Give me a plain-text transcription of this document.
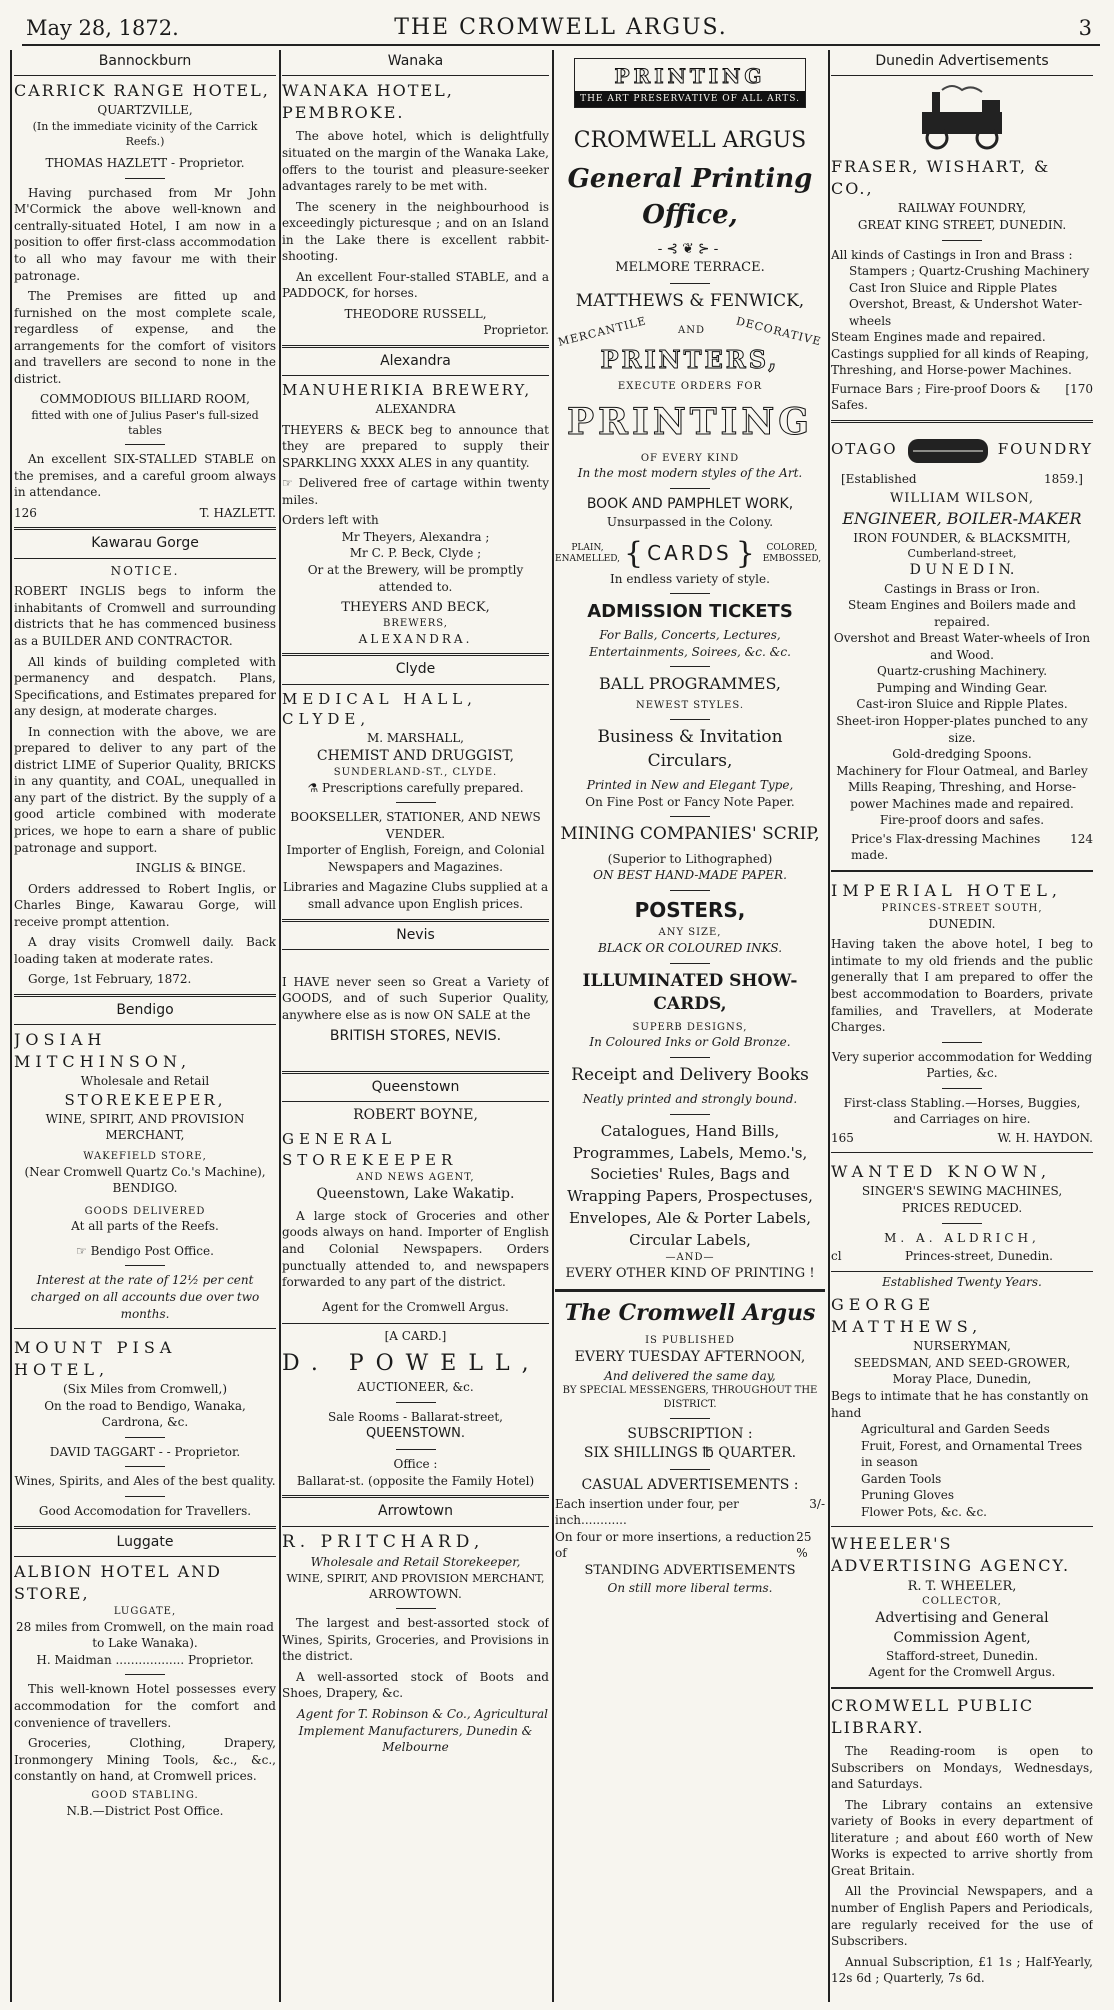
May 28, 1872.	THE CROMWELL ARGUS.	3
Bannockburn
CARRICK RANGE HOTEL,
QUARTZVILLE,
(In the immediate vicinity of the Carrick Reefs.)
THOMAS HAZLETT - Proprietor.

Having purchased from Mr John M'Cormick the above well-known and centrally-situated Hotel, I am now in a position to offer first-class accommodation to all who may favour me with their patronage.

The Premises are fitted up and furnished on the most complete scale, regardless of expense, and the arrangements for the comfort of visitors and travellers are second to none in the district.

COMMODIOUS BILLIARD ROOM,
fitted with one of Julius Paser's full-sized tables

An excellent SIX-STALLED STABLE on the premises, and a careful groom always in attendance.

126	T. HAZLETT.
Kawarau Gorge
NOTICE.

ROBERT INGLIS begs to inform the inhabitants of Cromwell and surrounding districts that he has commenced business as a BUILDER AND CONTRACTOR.

All kinds of building completed with permanency and despatch. Plans, Specifications, and Estimates prepared for any design, at moderate charges.

In connection with the above, we are prepared to deliver to any part of the district LIME of Superior Quality, BRICKS in any quantity, and COAL, unequalled in any part of the district. By the supply of a good article combined with moderate prices, we hope to earn a share of public patronage and support.

INGLIS & BINGE.

Orders addressed to Robert Inglis, or Charles Binge, Kawarau Gorge, will receive prompt attention.

A dray visits Cromwell daily. Back loading taken at moderate rates.

Gorge, 1st February, 1872.

Bendigo
JOSIAH MITCHINSON,
Wholesale and Retail
STOREKEEPER,
WINE, SPIRIT, AND PROVISION MERCHANT,
WAKEFIELD STORE,
(Near Cromwell Quartz Co.'s Machine),
BENDIGO.
GOODS DELIVERED
At all parts of the Reefs.
☞ Bendigo Post Office.
Interest at the rate of 12½ per cent charged on all accounts due over two months.
MOUNT PISA HOTEL,
(Six Miles from Cromwell,)
On the road to Bendigo, Wanaka, Cardrona, &c.
DAVID TAGGART - - Proprietor.
Wines, Spirits, and Ales of the best quality.
Good Accomodation for Travellers.
Luggate
ALBION HOTEL AND STORE,
LUGGATE,
28 miles from Cromwell, on the main road to Lake Wanaka).
H. Maidman .................. Proprietor.

This well-known Hotel possesses every accommodation for the comfort and convenience of travellers.

Groceries, Clothing, Drapery, Ironmongery Mining Tools, &c., &c., constantly on hand, at Cromwell prices.

GOOD STABLING.
N.B.—District Post Office.
Wanaka
WANAKA HOTEL, PEMBROKE.

The above hotel, which is delightfully situated on the margin of the Wanaka Lake, offers to the tourist and pleasure-seeker advantages rarely to be met with.

The scenery in the neighbourhood is exceedingly picturesque ; and on an Island in the Lake there is excellent rabbit-shooting.

An excellent Four-stalled STABLE, and a PADDOCK, for horses.

THEODORE RUSSELL,
Proprietor.
Alexandra
MANUHERIKIA BREWERY,
ALEXANDRA

THEYERS & BECK beg to announce that they are prepared to supply their SPARKLING XXXX ALES in any quantity.

☞ Delivered free of cartage within twenty miles.

Orders left with
Mr Theyers, Alexandra ;
Mr C. P. Beck, Clyde ;
Or at the Brewery, will be promptly attended to.
THEYERS AND BECK,
BREWERS,
ALEXANDRA.
Clyde
MEDICAL HALL, CLYDE,
M. MARSHALL,
CHEMIST AND DRUGGIST,
SUNDERLAND-ST., CLYDE.
⚗ Prescriptions carefully prepared.
BOOKSELLER, STATIONER, AND NEWS VENDER.
Importer of English, Foreign, and Colonial Newspapers and Magazines.
Libraries and Magazine Clubs supplied at a small advance upon English prices.
Nevis

I HAVE never seen so Great a Variety of GOODS, and of such Superior Quality, anywhere else as is now ON SALE at the

BRITISH STORES, NEVIS.
Queenstown
ROBERT BOYNE,
GENERAL STOREKEEPER
AND NEWS AGENT,
Queenstown, Lake Wakatip.

A large stock of Groceries and other goods always on hand. Importer of English and Colonial Newspapers. Orders punctually attended to, and newspapers forwarded to any part of the district.

Agent for the Cromwell Argus.
[A CARD.]
D. POWELL,
AUCTIONEER, &c.
Sale Rooms - Ballarat-street,
QUEENSTOWN.
Office :
Ballarat-st. (opposite the Family Hotel)
Arrowtown
R. PRITCHARD,
Wholesale and Retail Storekeeper,
WINE, SPIRIT, AND PROVISION MERCHANT,
ARROWTOWN.

The largest and best-assorted stock of Wines, Spirits, Groceries, and Provisions in the district.

A well-assorted stock of Boots and Shoes, Drapery, &c.

Agent for T. Robinson & Co., Agricultural Implement Manufacturers, Dunedin & Melbourne

PRINTING
THE ART PRESERVATIVE OF ALL ARTS.
CROMWELL ARGUS
General Printing Office,
-⊰❦⊱-
MELMORE TERRACE.
MATTHEWS & FENWICK,
MERCANTILE	AND	DECORATIVE
PRINTERS,
EXECUTE ORDERS FOR
PRINTING
OF EVERY KIND
In the most modern styles of the Art.
BOOK AND PAMPHLET WORK,
Unsurpassed in the Colony.
PLAIN, ENAMELLED, { CARDS }	COLORED, EMBOSSED,
In endless variety of style.
ADMISSION TICKETS
For Balls, Concerts, Lectures, Entertainments, Soirees, &c. &c.
BALL PROGRAMMES,
NEWEST STYLES.
Business & Invitation Circulars,
Printed in New and Elegant Type,
On Fine Post or Fancy Note Paper.
MINING COMPANIES' SCRIP,
(Superior to Lithographed)
ON BEST HAND-MADE PAPER.
POSTERS,
ANY SIZE,
BLACK OR COLOURED INKS.
ILLUMINATED SHOW-CARDS,
SUPERB DESIGNS,
In Coloured Inks or Gold Bronze.
Receipt and Delivery Books
Neatly printed and strongly bound.
Catalogues, Hand Bills, Programmes, Labels, Memo.'s, Societies' Rules, Bags and Wrapping Papers, Prospectuses, Envelopes, Ale & Porter Labels, Circular Labels,
—AND—
EVERY OTHER KIND OF PRINTING !
The Cromwell Argus
IS PUBLISHED
EVERY TUESDAY AFTERNOON,
And delivered the same day,
BY SPECIAL MESSENGERS, THROUGHOUT THE DISTRICT.
SUBSCRIPTION :
SIX SHILLINGS ℔ QUARTER.
CASUAL ADVERTISEMENTS :
Each insertion under four, per inch............
3/-
On four or more insertions, a reduction of
25 %
STANDING ADVERTISEMENTS
On still more liberal terms.
Dunedin Advertisements
FRASER, WISHART, & CO.,
RAILWAY FOUNDRY,
GREAT KING STREET, DUNEDIN.
All kinds of Castings in Iron and Brass :
Stampers ; Quartz-Crushing Machinery
Cast Iron Sluice and Ripple Plates
Overshot, Breast, & Undershot Water-wheels
Steam Engines made and repaired.
Castings supplied for all kinds of Reaping, Threshing, and Horse-power Machines.
Furnace Bars ; Fire-proof Doors & Safes.
[170
OTAGO	FOUNDRY
[Established	1859.]
WILLIAM WILSON,
ENGINEER, BOILER-MAKER
IRON FOUNDER, & BLACKSMITH,
Cumberland-street,
D U N E D I N.
Castings in Brass or Iron.
Steam Engines and Boilers made and repaired.
Overshot and Breast Water-wheels of Iron and Wood.
Quartz-crushing Machinery.
Pumping and Winding Gear.
Cast-iron Sluice and Ripple Plates.
Sheet-iron Hopper-plates punched to any size.
Gold-dredging Spoons.
Machinery for Flour Oatmeal, and Barley Mills Reaping, Threshing, and Horse-power Machines made and repaired.
Fire-proof doors and safes.
Price's Flax-dressing Machines made.
124
IMPERIAL HOTEL,
PRINCES-STREET SOUTH,
DUNEDIN.

Having taken the above hotel, I beg to intimate to my old friends and the public generally that I am prepared to offer the best accommodation to Boarders, private families, and Travellers, at Moderate Charges.

Very superior accommodation for Wedding Parties, &c.
First-class Stabling.—Horses, Buggies, and Carriages on hire.
165	W. H. HAYDON.
WANTED KNOWN,
SINGER'S SEWING MACHINES,
PRICES REDUCED.
M. A. ALDRICH,
cl	Princes-street, Dunedin.
Established Twenty Years.
GEORGE MATTHEWS,
NURSERYMAN,
SEEDSMAN, AND SEED-GROWER,
Moray Place, Dunedin,
Begs to intimate that he has constantly on hand
Agricultural and Garden Seeds
Fruit, Forest, and Ornamental Trees in season
Garden Tools
Pruning Gloves
Flower Pots, &c. &c.
WHEELER'S ADVERTISING AGENCY.
R. T. WHEELER,
COLLECTOR,
Advertising and General Commission Agent,
Stafford-street, Dunedin.
Agent for the Cromwell Argus.
CROMWELL PUBLIC LIBRARY.

The Reading-room is open to Subscribers on Mondays, Wednesdays, and Saturdays.

The Library contains an extensive variety of Books in every department of literature ; and about £60 worth of New Works is expected to arrive shortly from Great Britain.

All the Provincial Newspapers, and a number of English Papers and Periodicals, are regularly received for the use of Subscribers.

Annual Subscription, £1 1s ; Half-Yearly, 12s 6d ; Quarterly, 7s 6d.
